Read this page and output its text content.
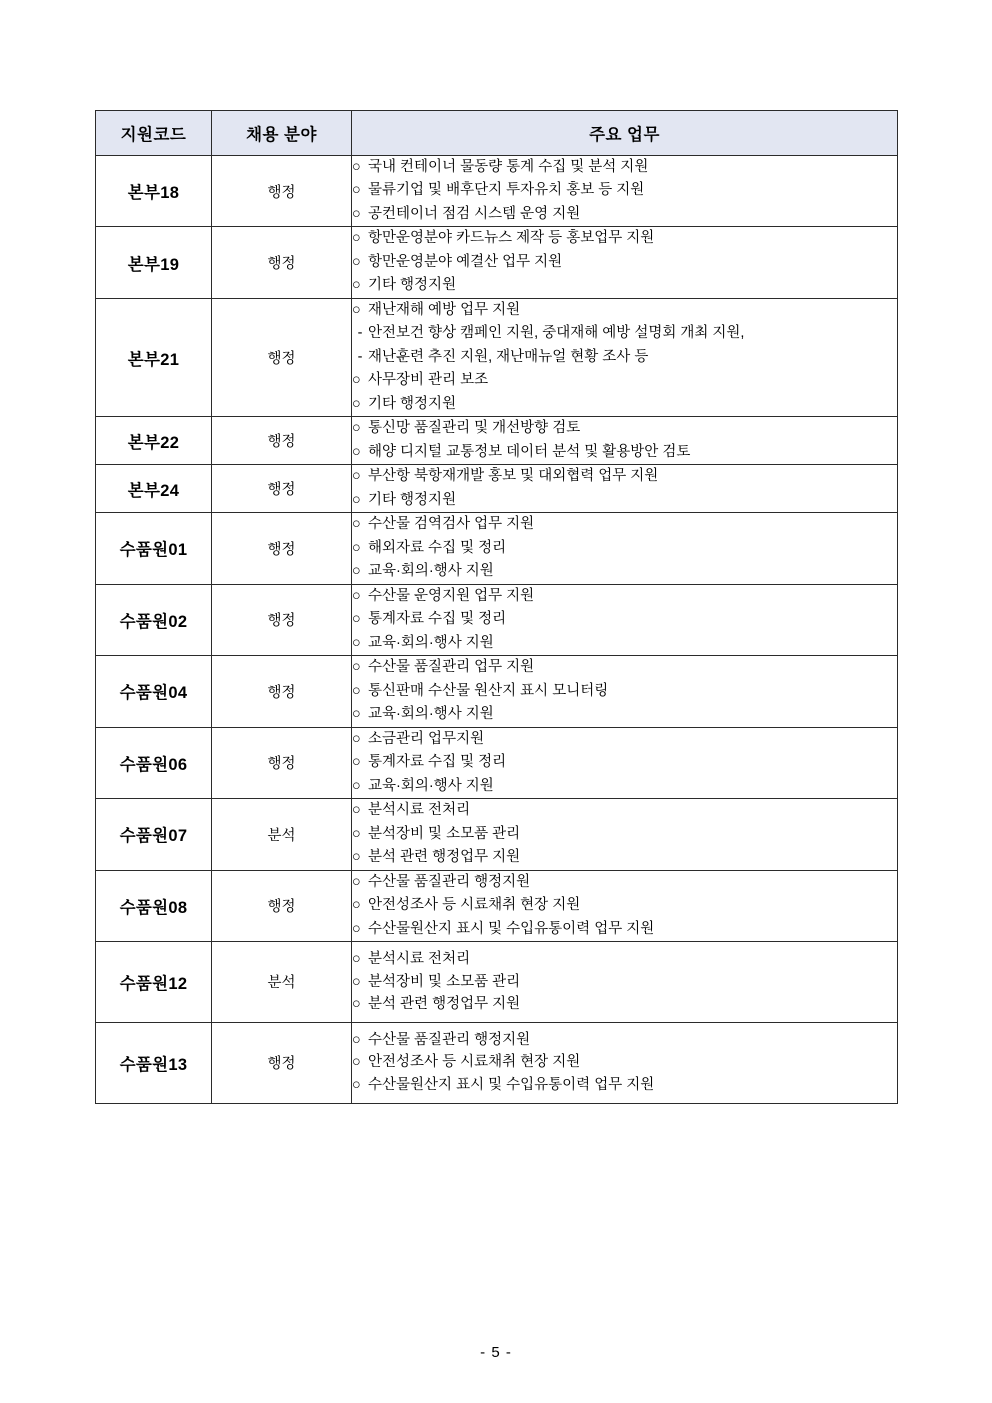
지원코드	채용 분야	주요 업무
본부18	행정	○ 국내 컨테이너 물동량 통계 수집 및 분석 지원
○ 물류기업 및 배후단지 투자유치 홍보 등 지원
○ 공컨테이너 점검 시스템 운영 지원

본부19	행정	○ 항만운영분야 카드뉴스 제작 등 홍보업무 지원
○ 항만운영분야 예결산 업무 지원
○ 기타 행정지원

본부21	행정	○ 재난재해 예방 업무 지원
- 안전보건 향상 캠페인 지원, 중대재해 예방 설명회 개최 지원,
- 재난훈련 추진 지원, 재난매뉴얼 현황 조사 등
○ 사무장비 관리 보조
○ 기타 행정지원

본부22	행정	○ 통신망 품질관리 및 개선방향 검토
○ 해양 디지털 교통정보 데이터 분석 및 활용방안 검토

본부24	행정	○ 부산항 북항재개발 홍보 및 대외협력 업무 지원
○ 기타 행정지원

수품원01	행정	○ 수산물 검역검사 업무 지원
○ 해외자료 수집 및 정리
○ 교육·회의·행사 지원

수품원02	행정	○ 수산물 운영지원 업무 지원
○ 통계자료 수집 및 정리
○ 교육·회의·행사 지원

수품원04	행정	○ 수산물 품질관리 업무 지원
○ 통신판매 수산물 원산지 표시 모니터링
○ 교육·회의·행사 지원

수품원06	행정	○ 소금관리 업무지원
○ 통계자료 수집 및 정리
○ 교육·회의·행사 지원

수품원07	분석	○ 분석시료 전처리
○ 분석장비 및 소모품 관리
○ 분석 관련 행정업무 지원

수품원08	행정	○ 수산물 품질관리 행정지원
○ 안전성조사 등 시료채취 현장 지원
○ 수산물원산지 표시 및 수입유통이력 업무 지원

수품원12	분석	○ 분석시료 전처리
○ 분석장비 및 소모품 관리
○ 분석 관련 행정업무 지원

수품원13	행정	○ 수산물 품질관리 행정지원
○ 안전성조사 등 시료채취 현장 지원
○ 수산물원산지 표시 및 수입유통이력 업무 지원
- 5 -
